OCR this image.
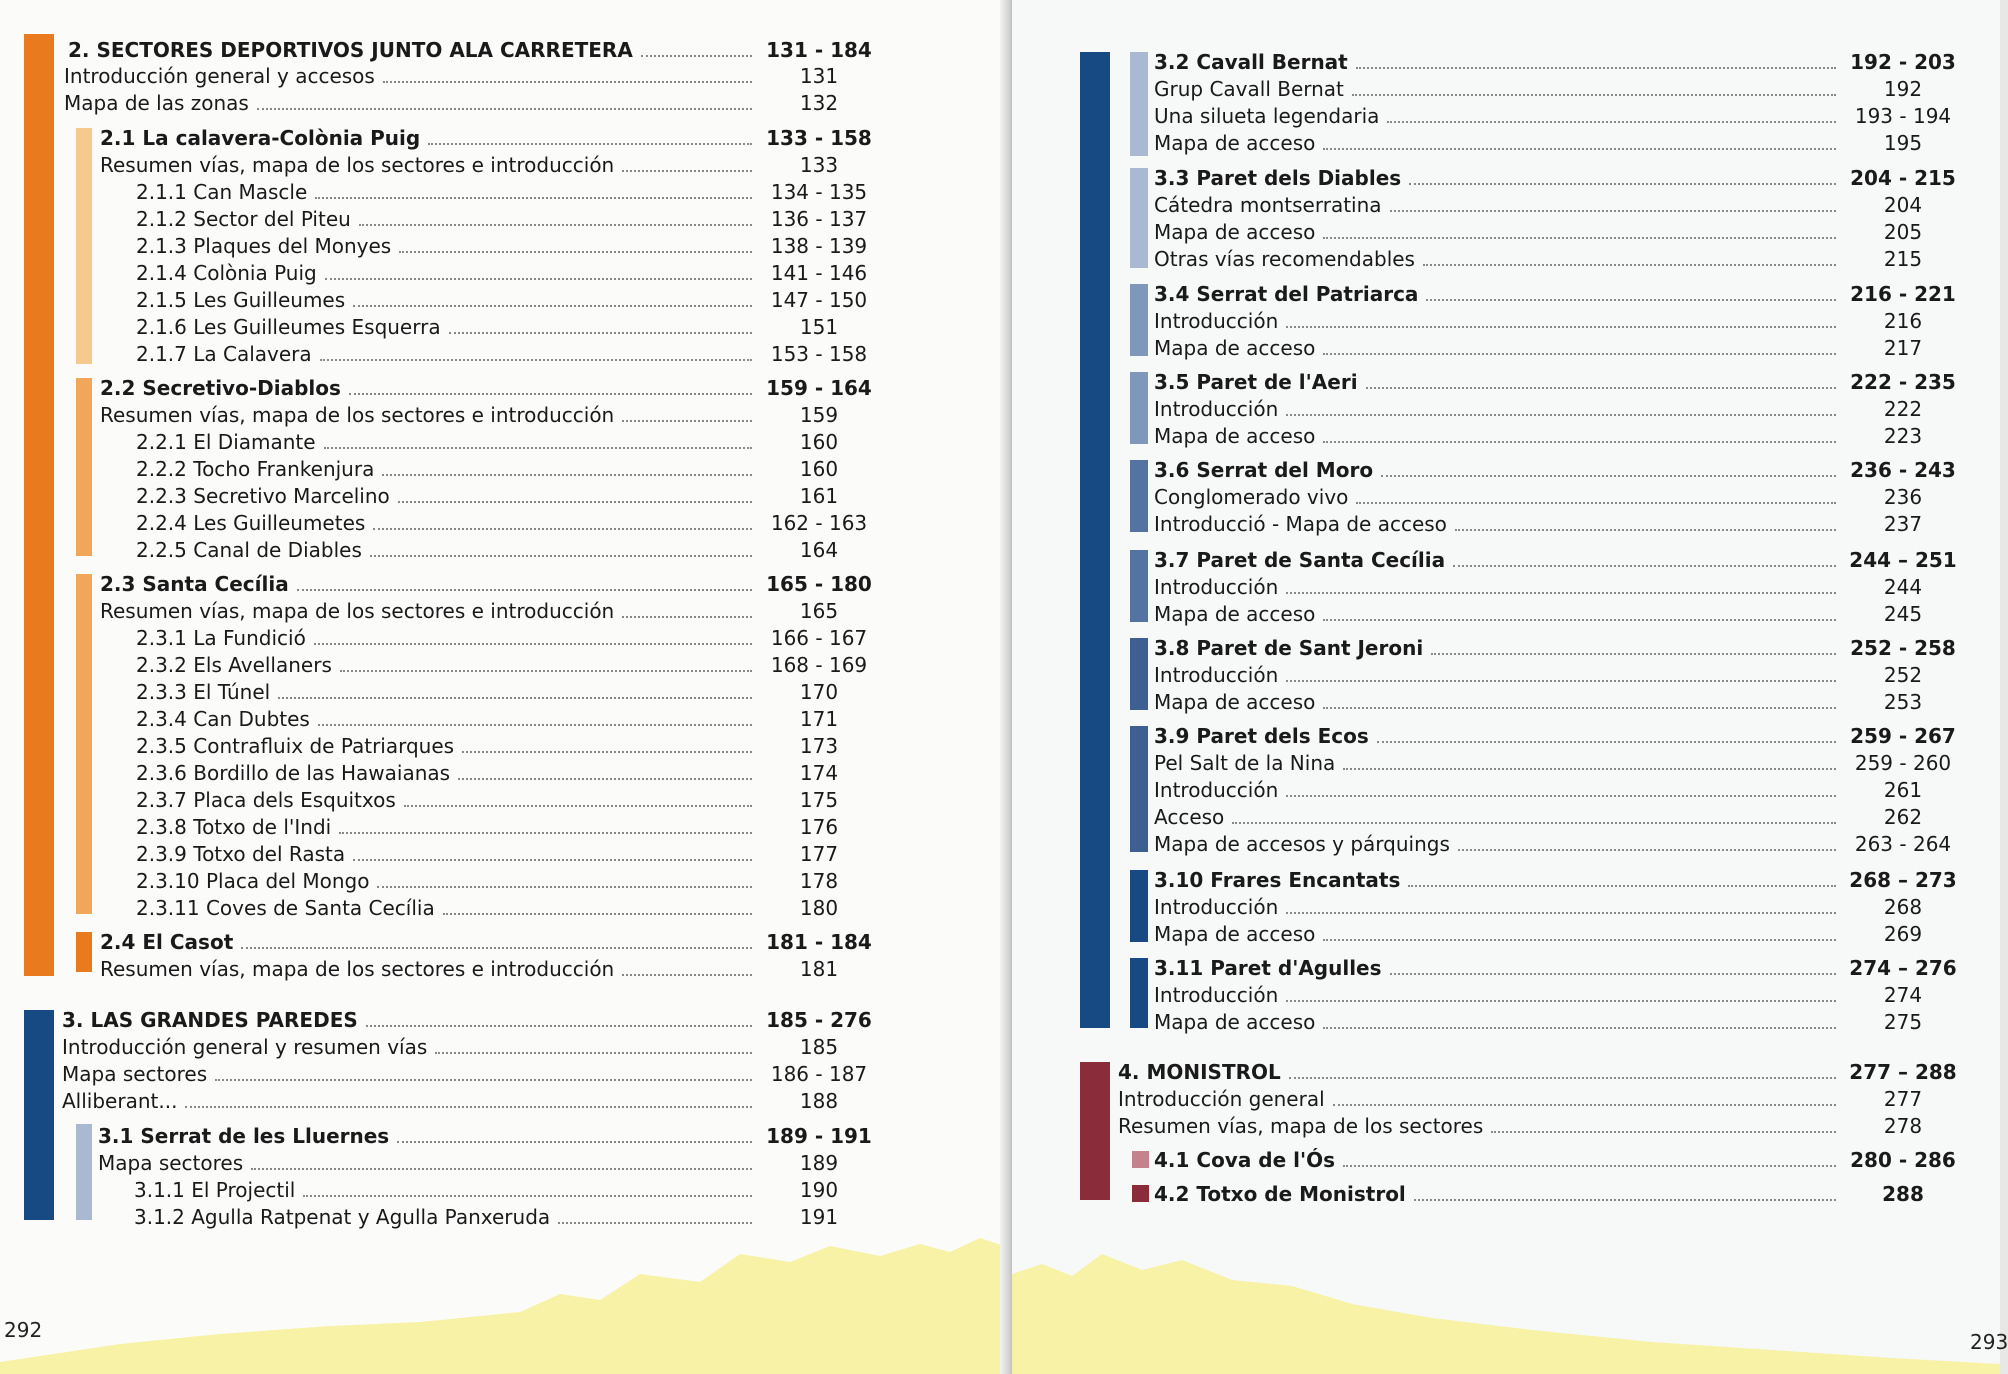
2. SECTORES DEPORTIVOS JUNTO ALA CARRETERA	131 - 184
Introducción general y accesos	131
Mapa de las zonas	132
2.1 La calavera-Colònia Puig	133 - 158
Resumen vías, mapa de los sectores e introducción	133
2.1.1 Can Mascle	134 - 135
2.1.2 Sector del Piteu	136 - 137
2.1.3 Plaques del Monyes	138 - 139
2.1.4 Colònia Puig	141 - 146
2.1.5 Les Guilleumes	147 - 150
2.1.6 Les Guilleumes Esquerra	151
2.1.7 La Calavera	153 - 158
2.2 Secretivo-Diablos	159 - 164
Resumen vías, mapa de los sectores e introducción	159
2.2.1 El Diamante	160
2.2.2 Tocho Frankenjura	160
2.2.3 Secretivo Marcelino	161
2.2.4 Les Guilleumetes	162 - 163
2.2.5 Canal de Diables	164
2.3 Santa Cecília	165 - 180
Resumen vías, mapa de los sectores e introducción	165
2.3.1 La Fundició	166 - 167
2.3.2 Els Avellaners	168 - 169
2.3.3 El Túnel	170
2.3.4 Can Dubtes	171
2.3.5 Contrafluix de Patriarques	173
2.3.6 Bordillo de las Hawaianas	174
2.3.7 Placa dels Esquitxos	175
2.3.8 Totxo de l'Indi	176
2.3.9 Totxo del Rasta	177
2.3.10 Placa del Mongo	178
2.3.11 Coves de Santa Cecília	180
2.4 El Casot	181 - 184
Resumen vías, mapa de los sectores e introducción	181
3. LAS GRANDES PAREDES	185 - 276
Introducción general y resumen vías	185
Mapa sectores	186 - 187
Alliberant...	188
3.1 Serrat de les Lluernes	189 - 191
Mapa sectores	189
3.1.1 El Projectil	190
3.1.2 Agulla Ratpenat y Agulla Panxeruda	191
292
3.2 Cavall Bernat	192 - 203
Grup Cavall Bernat	192
Una silueta legendaria	193 - 194
Mapa de acceso	195
3.3 Paret dels Diables	204 - 215
Cátedra montserratina	204
Mapa de acceso	205
Otras vías recomendables	215
3.4 Serrat del Patriarca	216 - 221
Introducción	216
Mapa de acceso	217
3.5 Paret de l'Aeri	222 - 235
Introducción	222
Mapa de acceso	223
3.6 Serrat del Moro	236 - 243
Conglomerado vivo	236
Introducció - Mapa de acceso	237
3.7 Paret de Santa Cecília	244 – 251
Introducción	244
Mapa de acceso	245
3.8 Paret de Sant Jeroni	252 - 258
Introducción	252
Mapa de acceso	253
3.9 Paret dels Ecos	259 - 267
Pel Salt de la Nina	259 - 260
Introducción	261
Acceso	262
Mapa de accesos y párquings	263 - 264
3.10 Frares Encantats	268 – 273
Introducción	268
Mapa de acceso	269
3.11 Paret d'Agulles	274 – 276
Introducción	274
Mapa de acceso	275
4. MONISTROL	277 – 288
Introducción general	277
Resumen vías, mapa de los sectores	278
4.1 Cova de l'Ós	280 - 286
4.2 Totxo de Monistrol	288
293
